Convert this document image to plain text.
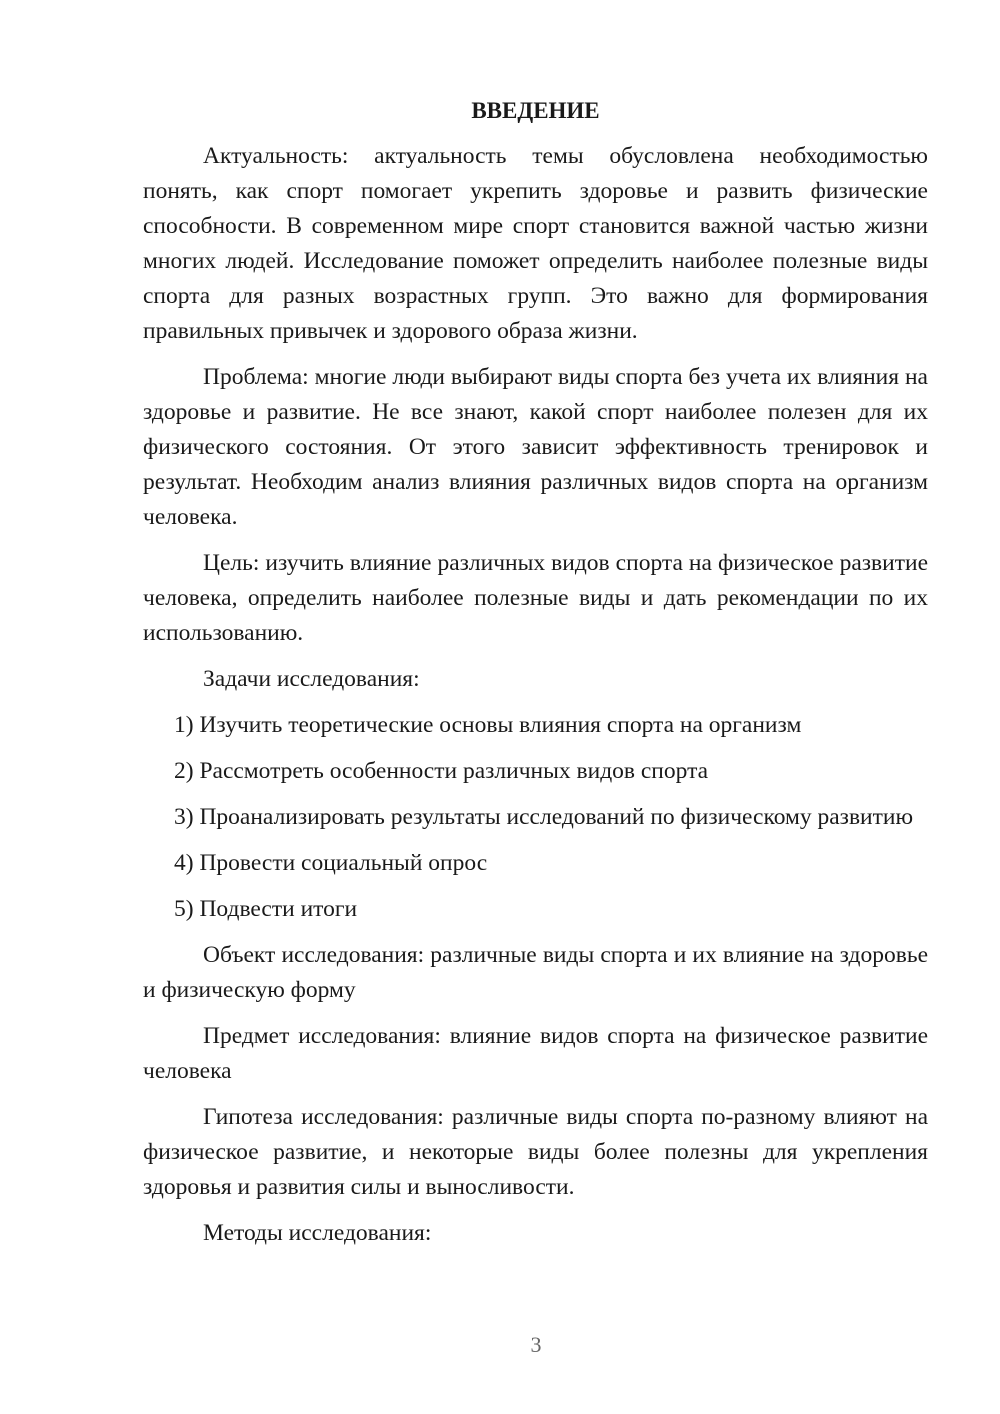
ВВЕДЕНИЕ

Актуальность: актуальность темы обусловлена необходимостью понять, как спорт помогает укрепить здоровье и развить физические способности. В современном мире спорт становится важной частью жизни многих людей. Исследование поможет определить наиболее полезные виды спорта для разных возрастных групп. Это важно для формирования правильных привычек и здорового образа жизни.

Проблема: многие люди выбирают виды спорта без учета их влияния на здоровье и развитие. Не все знают, какой спорт наиболее полезен для их физического состояния. От этого зависит эффективность тренировок и результат. Необходим анализ влияния различных видов спорта на организм человека.

Цель: изучить влияние различных видов спорта на физическое развитие человека, определить наиболее полезные виды и дать рекомендации по их использованию.

Задачи исследования:

1) Изучить теоретические основы влияния спорта на организм

2) Рассмотреть особенности различных видов спорта

3) Проанализировать результаты исследований по физическому развитию

4) Провести социальный опрос

5) Подвести итоги

Объект исследования: различные виды спорта и их влияние на здоровье и физическую форму

Предмет исследования: влияние видов спорта на физическое развитие человека

Гипотеза исследования: различные виды спорта по-разному влияют на физическое развитие, и некоторые виды более полезны для укрепления здоровья и развития силы и выносливости.

Методы исследования:

3
